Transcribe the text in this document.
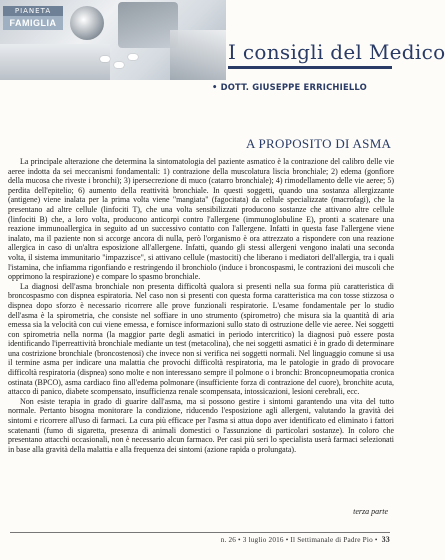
PIANETA
FAMIGLIA
I consigli del Medico
• DOTT. GIUSEPPE ERRICHIELLO
A PROPOSITO DI ASMA

La principale alterazione che determina la sintomatologia del paziente asmatico è la contrazione del calibro delle vie aeree indotta da sei meccanismi fondamentali: 1) contrazione della muscolatura liscia bronchiale; 2) edema (gonfiore della mucosa che riveste i bronchi); 3) ipersecrezione di muco (catarro bronchiale); 4) rimodellamento delle vie aeree; 5) perdita dell'epitelio; 6) aumento della reattività bronchiale. In questi soggetti, quando una sostanza allergizzante (antigene) viene inalata per la prima volta viene "mangiata" (fagocitata) da cellule specializzate (macrofagi), che la presentano ad altre cellule (linfociti T), che una volta sensibilizzati producono sostanze che attivano altre cellule (linfociti B) che, a loro volta, producono anticorpi contro l'allergene (immunoglobuline E), pronti a scatenare una reazione immunoallergica in seguito ad un successivo contatto con l'allergene. Infatti in questa fase l'allergene viene inalato, ma il paziente non si accorge ancora di nulla, però l'organismo è ora attrezzato a rispondere con una reazione allergica in caso di un'altra esposizione all'allergene. Infatti, quando gli stessi allergeni vengono inalati una seconda volta, il sistema immunitario "impazzisce", si attivano cellule (mastociti) che liberano i mediatori dell'allergia, tra i quali l'istamina, che infiamma rigonfiando e restringendo il bronchiolo (induce i broncospasmi, le contrazioni dei muscoli che opprimono la respirazione) e compare lo spasmo bronchiale.

La diagnosi dell'asma bronchiale non presenta difficoltà qualora si presenti nella sua forma più caratteristica di broncospasmo con dispnea espiratoria. Nel caso non si presenti con questa forma caratteristica ma con tosse stizzosa o dispnea dopo sforzo è necessario ricorrere alle prove funzionali respiratorie. L'esame fondamentale per lo studio dell'asma è la spirometria, che consiste nel soffiare in uno strumento (spirometro) che misura sia la quantità di aria emessa sia la velocità con cui viene emessa, e fornisce informazioni sullo stato di ostruzione delle vie aeree. Nei soggetti con spirometria nella norma (la maggior parte degli asmatici in periodo intercritico) la diagnosi può essere posta identificando l'iperreattività bronchiale mediante un test (metacolina), che nei soggetti asmatici è in grado di determinare una costrizione bronchiale (broncostenosi) che invece non si verifica nei soggetti normali. Nel linguaggio comune si usa il termine asma per indicare una malattia che provochi difficoltà respiratoria, ma le patologie in grado di provocare difficoltà respiratoria (dispnea) sono molte e non interessano sempre il polmone o i bronchi: Broncopneumopatia cronica ostinata (BPCO), asma cardiaco fino all'edema polmonare (insufficiente forza di contrazione del cuore), bronchite acuta, attacco di panico, diabete scompensato, insufficienza renale scompensata, intossicazioni, lesioni cerebrali, ecc.

Non esiste terapia in grado di guarire dall'asma, ma si possono gestire i sintomi garantendo una vita del tutto normale. Pertanto bisogna monitorare la condizione, riducendo l'esposizione agli allergeni, valutando la gravità dei sintomi e ricorrere all'uso di farmaci. La cura più efficace per l'asma si attua dopo aver identificato ed eliminato i fattori scatenanti (fumo di sigaretta, presenza di animali domestici o l'assunzione di particolari sostanze). In coloro che presentano attacchi occasionali, non è necessario alcun farmaco. Per casi più seri lo specialista userà farmaci selezionati in base alla gravità della malattia e alla frequenza dei sintomi (azione rapida o prolungata).

terza parte
n. 26 • 3 luglio 2016 • Il Settimanale di Padre Pio • 33
